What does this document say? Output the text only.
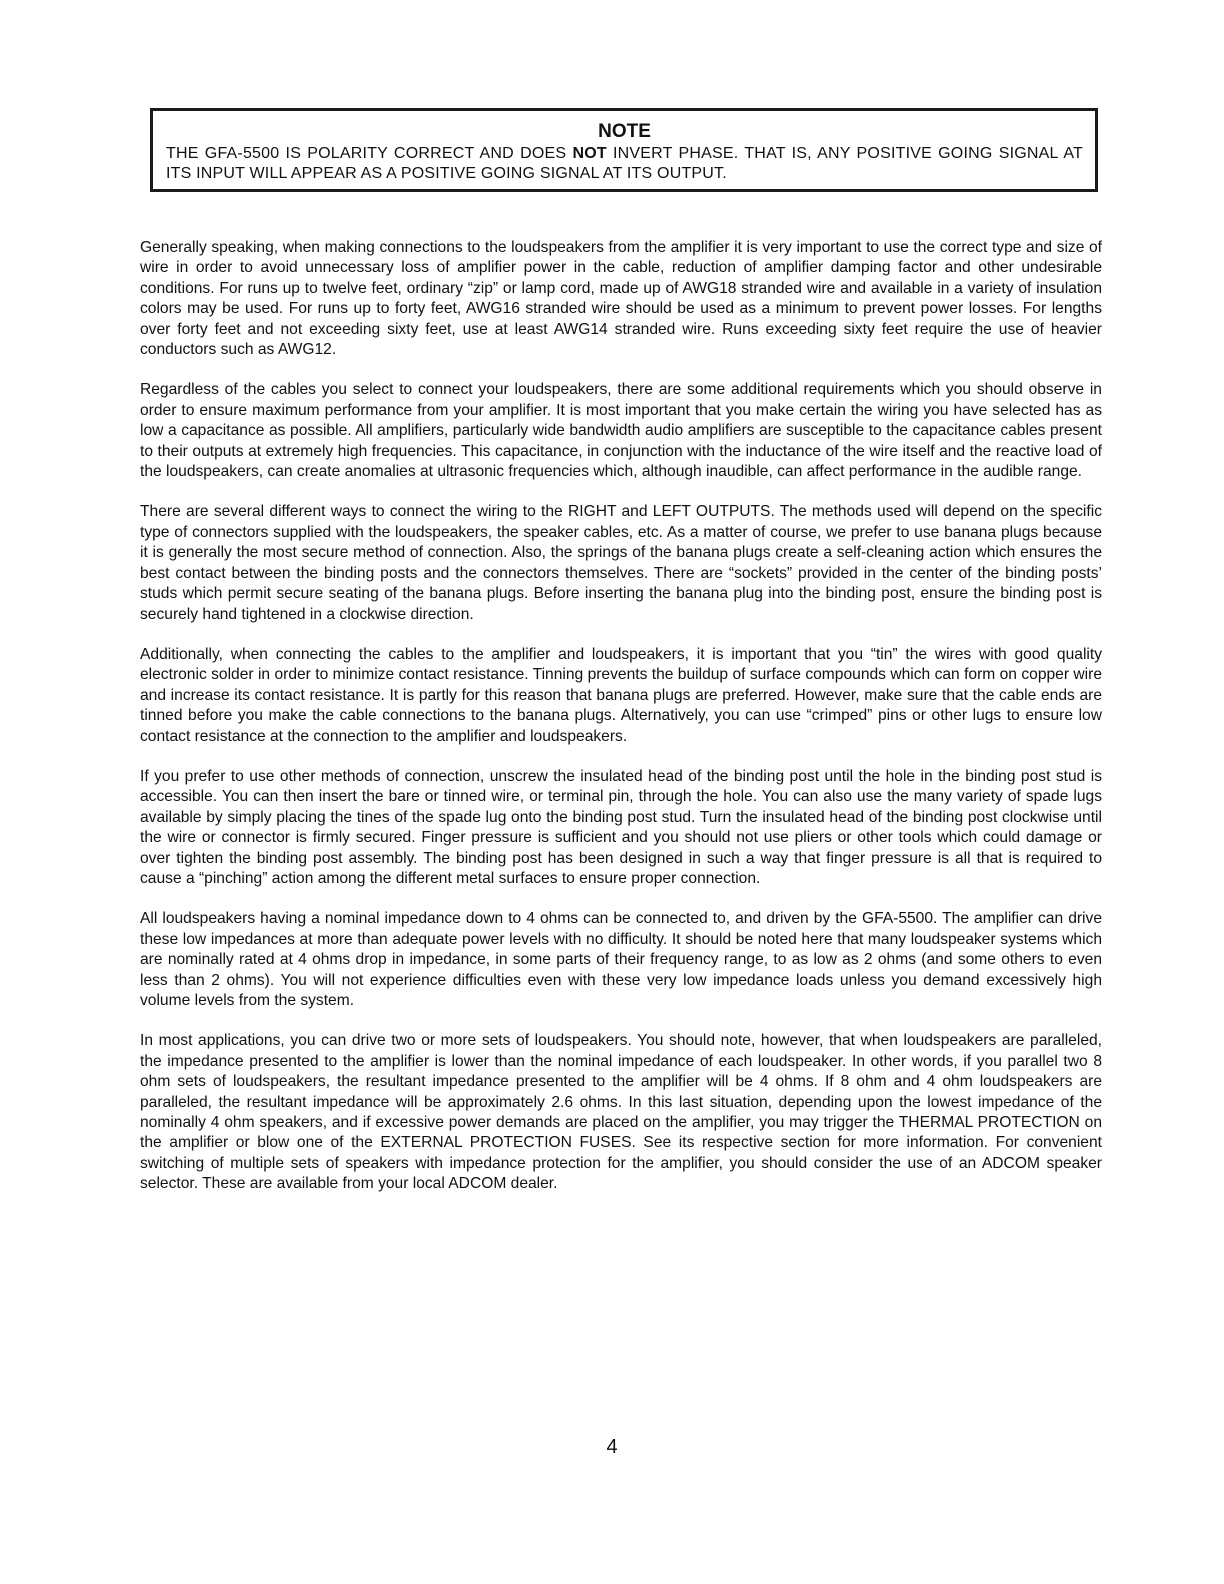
NOTE

THE GFA-5500 IS POLARITY CORRECT AND DOES NOT INVERT PHASE. THAT IS, ANY POSITIVE GOING SIGNAL AT ITS INPUT WILL APPEAR AS A POSITIVE GOING SIGNAL AT ITS OUTPUT.

Generally speaking, when making connections to the loudspeakers from the amplifier it is very important to use the correct type and size of wire in order to avoid unnecessary loss of amplifier power in the cable, reduction of amplifier damping factor and other undesirable conditions. For runs up to twelve feet, ordinary “zip” or lamp cord, made up of AWG18 stranded wire and available in a variety of insulation colors may be used. For runs up to forty feet, AWG16 stranded wire should be used as a minimum to prevent power losses. For lengths over forty feet and not exceeding sixty feet, use at least AWG14 stranded wire. Runs exceeding sixty feet require the use of heavier conductors such as AWG12.

Regardless of the cables you select to connect your loudspeakers, there are some additional requirements which you should observe in order to ensure maximum performance from your amplifier. It is most important that you make certain the wiring you have selected has as low a capacitance as possible. All amplifiers, particularly wide bandwidth audio amplifiers are susceptible to the capacitance cables present to their outputs at extremely high frequencies. This capacitance, in conjunction with the inductance of the wire itself and the reactive load of the loudspeakers, can create anomalies at ultrasonic frequencies which, although inaudible, can affect performance in the audible range.

There are several different ways to connect the wiring to the RIGHT and LEFT OUTPUTS. The methods used will depend on the specific type of connectors supplied with the loudspeakers, the speaker cables, etc. As a matter of course, we prefer to use banana plugs because it is generally the most secure method of connection. Also, the springs of the banana plugs create a self-cleaning action which ensures the best contact between the binding posts and the connectors themselves. There are “sockets” provided in the center of the binding posts’ studs which permit secure seating of the banana plugs. Before inserting the banana plug into the binding post, ensure the binding post is securely hand tightened in a clockwise direction.

Additionally, when connecting the cables to the amplifier and loudspeakers, it is important that you “tin” the wires with good quality electronic solder in order to minimize contact resistance. Tinning prevents the buildup of surface compounds which can form on copper wire and increase its contact resistance. It is partly for this reason that banana plugs are preferred. However, make sure that the cable ends are tinned before you make the cable connections to the banana plugs. Alternatively, you can use “crimped” pins or other lugs to ensure low contact resistance at the connection to the amplifier and loudspeakers.

If you prefer to use other methods of connection, unscrew the insulated head of the binding post until the hole in the binding post stud is accessible. You can then insert the bare or tinned wire, or terminal pin, through the hole. You can also use the many variety of spade lugs available by simply placing the tines of the spade lug onto the binding post stud. Turn the insulated head of the binding post clockwise until the wire or connector is firmly secured. Finger pressure is sufficient and you should not use pliers or other tools which could damage or over tighten the binding post assembly. The binding post has been designed in such a way that finger pressure is all that is required to cause a “pinching” action among the different metal surfaces to ensure proper connection.

All loudspeakers having a nominal impedance down to 4 ohms can be connected to, and driven by the GFA-5500. The amplifier can drive these low impedances at more than adequate power levels with no difficulty. It should be noted here that many loudspeaker systems which are nominally rated at 4 ohms drop in impedance, in some parts of their frequency range, to as low as 2 ohms (and some others to even less than 2 ohms). You will not experience difficulties even with these very low impedance loads unless you demand excessively high volume levels from the system.

In most applications, you can drive two or more sets of loudspeakers. You should note, however, that when loudspeakers are paralleled, the impedance presented to the amplifier is lower than the nominal impedance of each loudspeaker. In other words, if you parallel two 8 ohm sets of loudspeakers, the resultant impedance presented to the amplifier will be 4 ohms. If 8 ohm and 4 ohm loudspeakers are paralleled, the resultant impedance will be approximately 2.6 ohms. In this last situation, depending upon the lowest impedance of the nominally 4 ohm speakers, and if excessive power demands are placed on the amplifier, you may trigger the THERMAL PROTECTION on the amplifier or blow one of the EXTERNAL PROTECTION FUSES. See its respective section for more information. For convenient switching of multiple sets of speakers with impedance protection for the amplifier, you should consider the use of an ADCOM speaker selector. These are available from your local ADCOM dealer.

4
